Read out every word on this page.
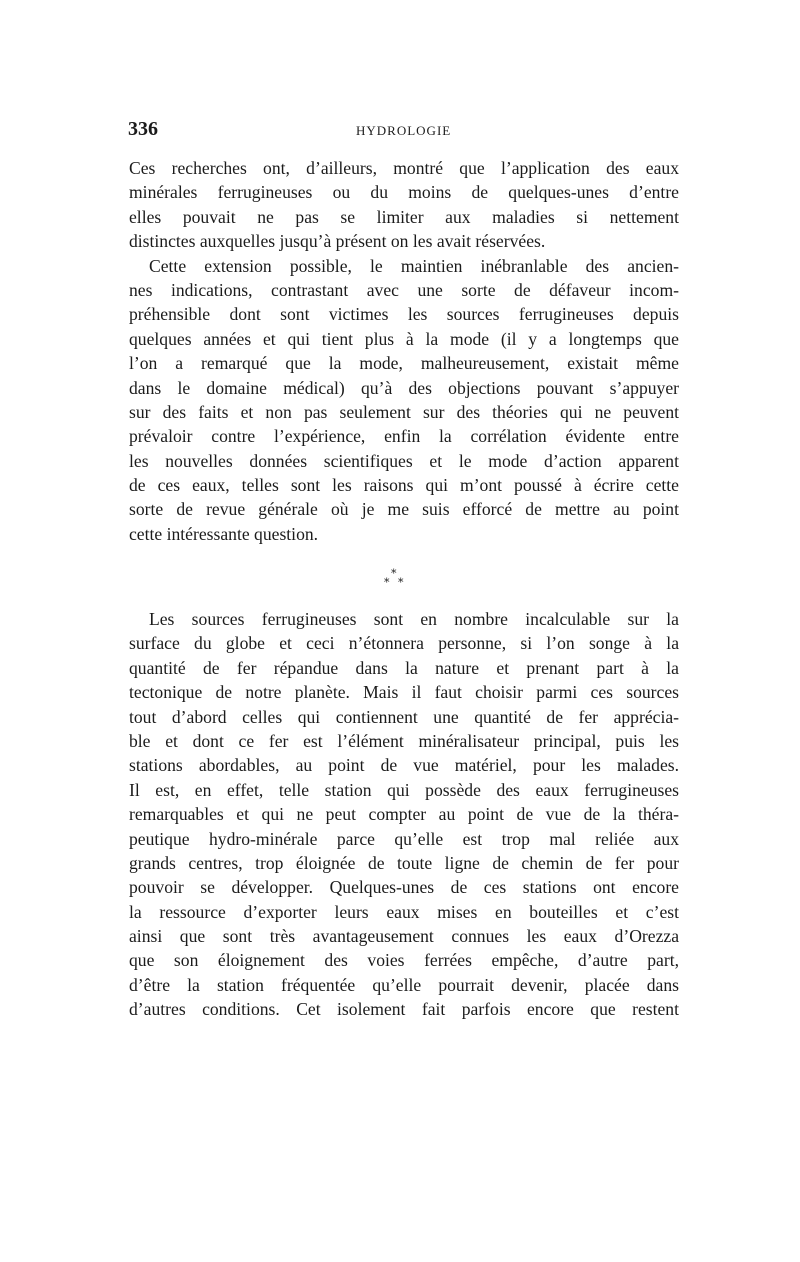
336	HYDROLOGIE
Ces recherches ont, d’ailleurs, montré que l’application des eaux
minérales ferrugineuses ou du moins de quelques-unes d’entre
elles pouvait ne pas se limiter aux maladies si nettement
distinctes auxquelles jusqu’à présent on les avait réservées.
Cette extension possible, le maintien inébranlable des ancien-
nes indications, contrastant avec une sorte de défaveur incom-
préhensible dont sont victimes les sources ferrugineuses depuis
quelques années et qui tient plus à la mode (il y a longtemps que
l’on a remarqué que la mode, malheureusement, existait même
dans le domaine médical) qu’à des objections pouvant s’appuyer
sur des faits et non pas seulement sur des théories qui ne peuvent
prévaloir contre l’expérience, enfin la corrélation évidente entre
les nouvelles données scientifiques et le mode d’action apparent
de ces eaux, telles sont les raisons qui m’ont poussé à écrire cette
sorte de revue générale où je me suis efforcé de mettre au point
cette intéressante question.
*
* *
Les sources ferrugineuses sont en nombre incalculable sur la
surface du globe et ceci n’étonnera personne, si l’on songe à la
quantité de fer répandue dans la nature et prenant part à la
tectonique de notre planète. Mais il faut choisir parmi ces sources
tout d’abord celles qui contiennent une quantité de fer apprécia-
ble et dont ce fer est l’élément minéralisateur principal, puis les
stations abordables, au point de vue matériel, pour les malades.
Il est, en effet, telle station qui possède des eaux ferrugineuses
remarquables et qui ne peut compter au point de vue de la théra-
peutique hydro-minérale parce qu’elle est trop mal reliée aux
grands centres, trop éloignée de toute ligne de chemin de fer pour
pouvoir se développer. Quelques-unes de ces stations ont encore
la ressource d’exporter leurs eaux mises en bouteilles et c’est
ainsi que sont très avantageusement connues les eaux d’Orezza
que son éloignement des voies ferrées empêche, d’autre part,
d’être la station fréquentée qu’elle pourrait devenir, placée dans
d’autres conditions. Cet isolement fait parfois encore que restent
